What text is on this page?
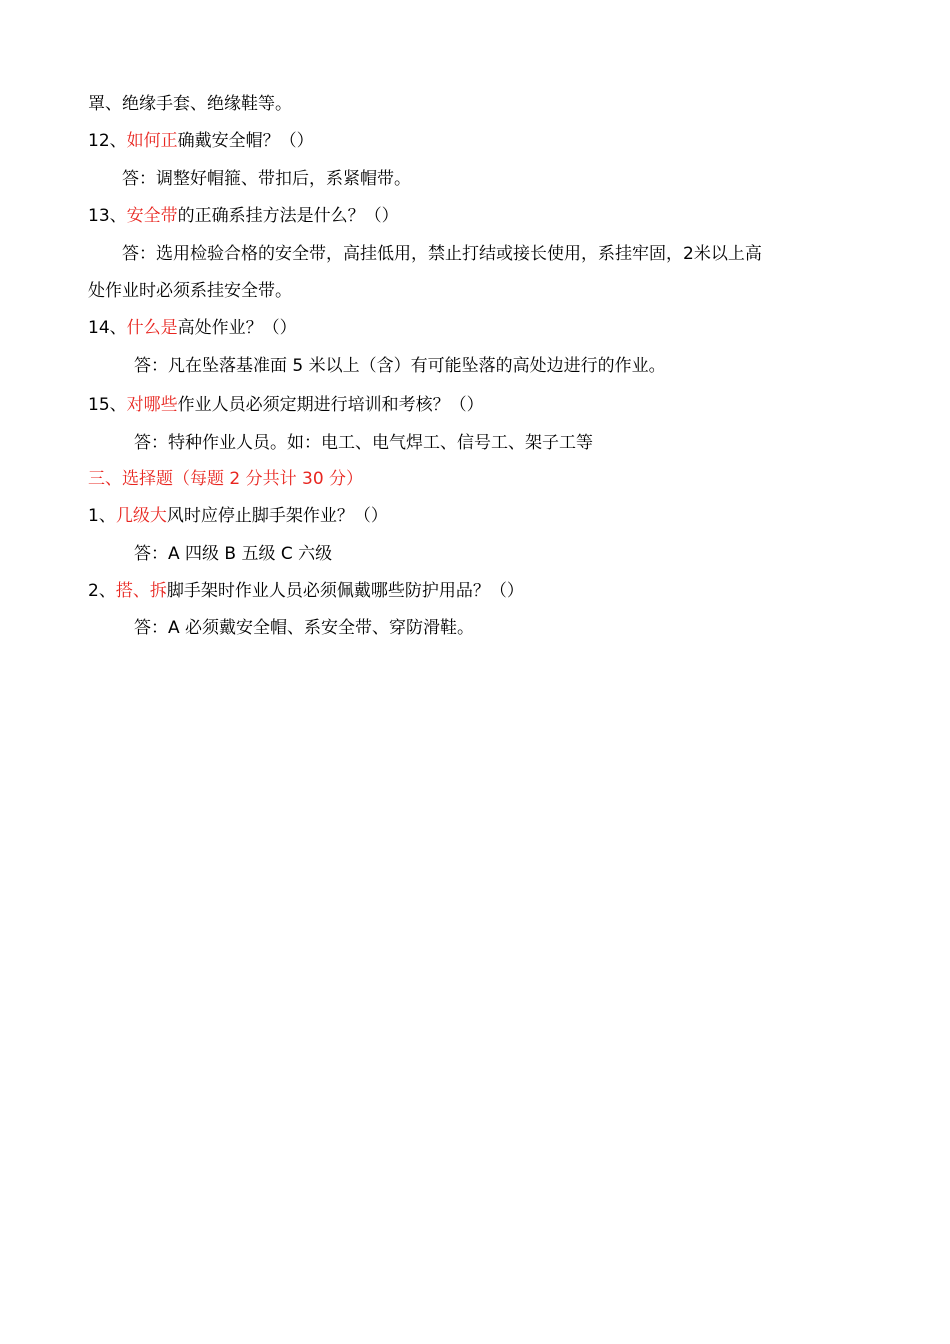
罩、绝缘手套、绝缘鞋等。
12、如何正确戴安全帽？（）
答：调整好帽箍、带扣后，系紧帽带。
13、安全带的正确系挂方法是什么？（）
答：选用检验合格的安全带，高挂低用，禁止打结或接长使用，系挂牢固，2米以上高
处作业时必须系挂安全带。
14、什么是高处作业？（）
答：凡在坠落基准面 5 米以上（含）有可能坠落的高处边进行的作业。
15、对哪些作业人员必须定期进行培训和考核？（）
答：特种作业人员。如：电工、电气焊工、信号工、架子工等
三、选择题（每题 2 分共计 30 分）
1、几级大风时应停止脚手架作业？（）
答：A 四级 B 五级 C 六级
2、搭、拆脚手架时作业人员必须佩戴哪些防护用品？（）
答：A 必须戴安全帽、系安全带、穿防滑鞋。
